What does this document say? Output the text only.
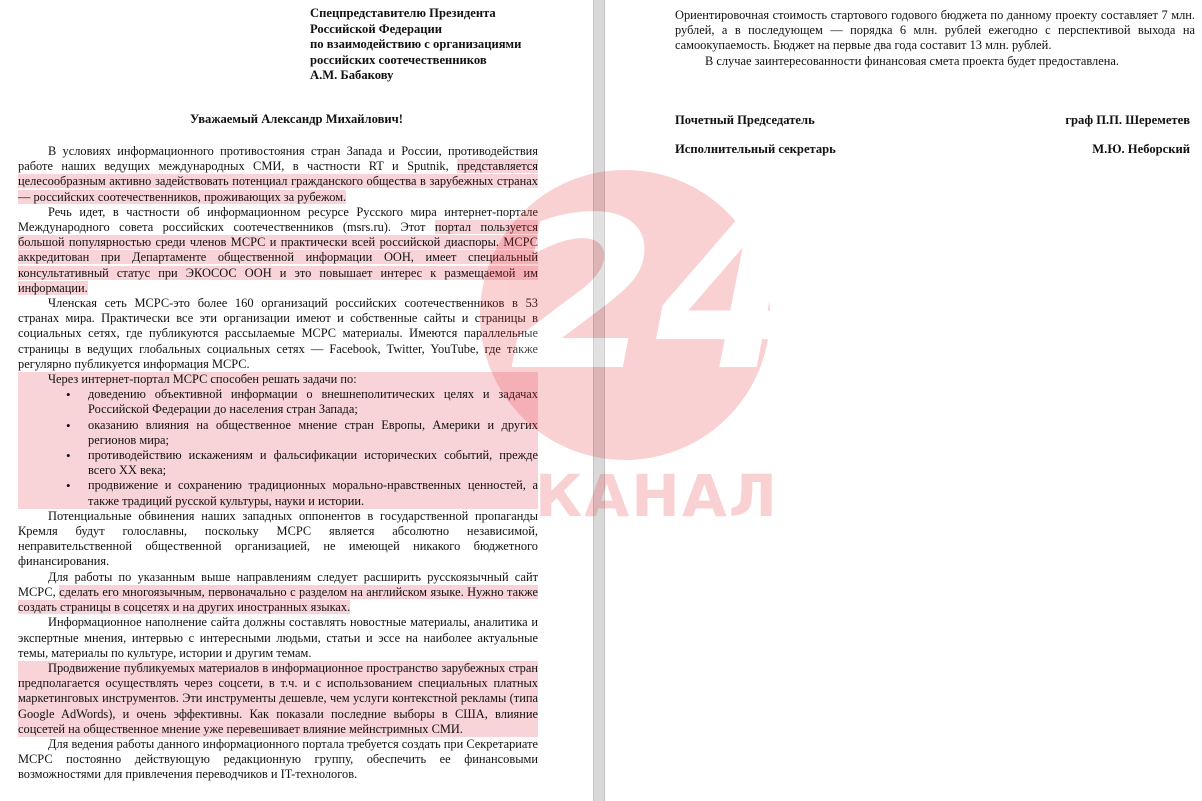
Спецпредставителю Президента
Российской Федерации
по взаимодействию с организациями
российских соотечественников
А.М. Бабакову
Уважаемый Александр Михайлович!

В условиях информационного противостояния стран Запада и России, противодействия работе наших ведущих международных СМИ, в частности RT и Sputnik, представляется целесообразным активно задействовать потенциал гражданского общества в зарубежных странах — российских соотечественников, проживающих за рубежом.

Речь идет, в частности об информационном ресурсе Русского мира интернет-портале Международного совета российских соотечественников (msrs.ru). Этот портал пользуется большой популярностью среди членов МСРС и практически всей российской диаспоры. МСРС аккредитован при Департаменте общественной информации ООН, имеет специальный консультативный статус при ЭКОСОС ООН и это повышает интерес к размещаемой им информации.

Членская сеть МСРС-это более 160 организаций российских соотечественников в 53 странах мира. Практически все эти организации имеют и собственные сайты и страницы в социальных сетях, где публикуются рассылаемые МСРС материалы. Имеются параллельные страницы в ведущих глобальных социальных сетях — Facebook, Twitter, YouTube, где также регулярно публикуется информация МСРС.

Через интернет-портал МСРС способен решать задачи по:

• доведению объективной информации о внешнеполитических целях и задачах Российской Федерации до населения стран Запада;
• оказанию влияния на общественное мнение стран Европы, Америки и других регионов мира;
• противодействию искажениям и фальсификации исторических событий, прежде всего XX века;
• продвижение и сохранению традиционных морально-нравственных ценностей, а также традиций русской культуры, науки и истории.

Потенциальные обвинения наших западных оппонентов в государственной пропаганды Кремля будут голославны, поскольку МСРС является абсолютно независимой, неправительственной общественной организацией, не имеющей никакого бюджетного финансирования.

Для работы по указанным выше направлениям следует расширить русскоязычный сайт МСРС, сделать его многоязычным, первоначально с разделом на английском языке. Нужно также создать страницы в соцсетях и на других иностранных языках.

Информационное наполнение сайта должны составлять новостные материалы, аналитика и экспертные мнения, интервью с интересными людьми, статьи и эссе на наиболее актуальные темы, материалы по культуре, истории и другим темам.

Продвижение публикуемых материалов в информационное пространство зарубежных стран предполагается осуществлять через соцсети, в т.ч. и с использованием специальных платных маркетинговых инструментов. Эти инструменты дешевле, чем услуги контекстной рекламы (типа Google AdWords), и очень эффективны. Как показали последние выборы в США, влияние соцсетей на общественное мнение уже перевешивает влияние мейнстримных СМИ.

Для ведения работы данного информационного портала требуется создать при Секретариате МСРС постоянно действующую редакционную группу, обеспечить ее финансовыми возможностями для привлечения переводчиков и IT-технологов.

Ориентировочная стоимость стартового годового бюджета по данному проекту составляет 7 млн. рублей, а в последующем — порядка 6 млн. рублей ежегодно с перспективой выхода на самоокупаемость. Бюджет на первые два года составит 13 млн. рублей.

В случае заинтересованности финансовая смета проекта будет предоставлена.

Почетный Председатель	граф П.П. Шереметев
Исполнительный секретарь	М.Ю. Неборский
24
КАНАЛ
